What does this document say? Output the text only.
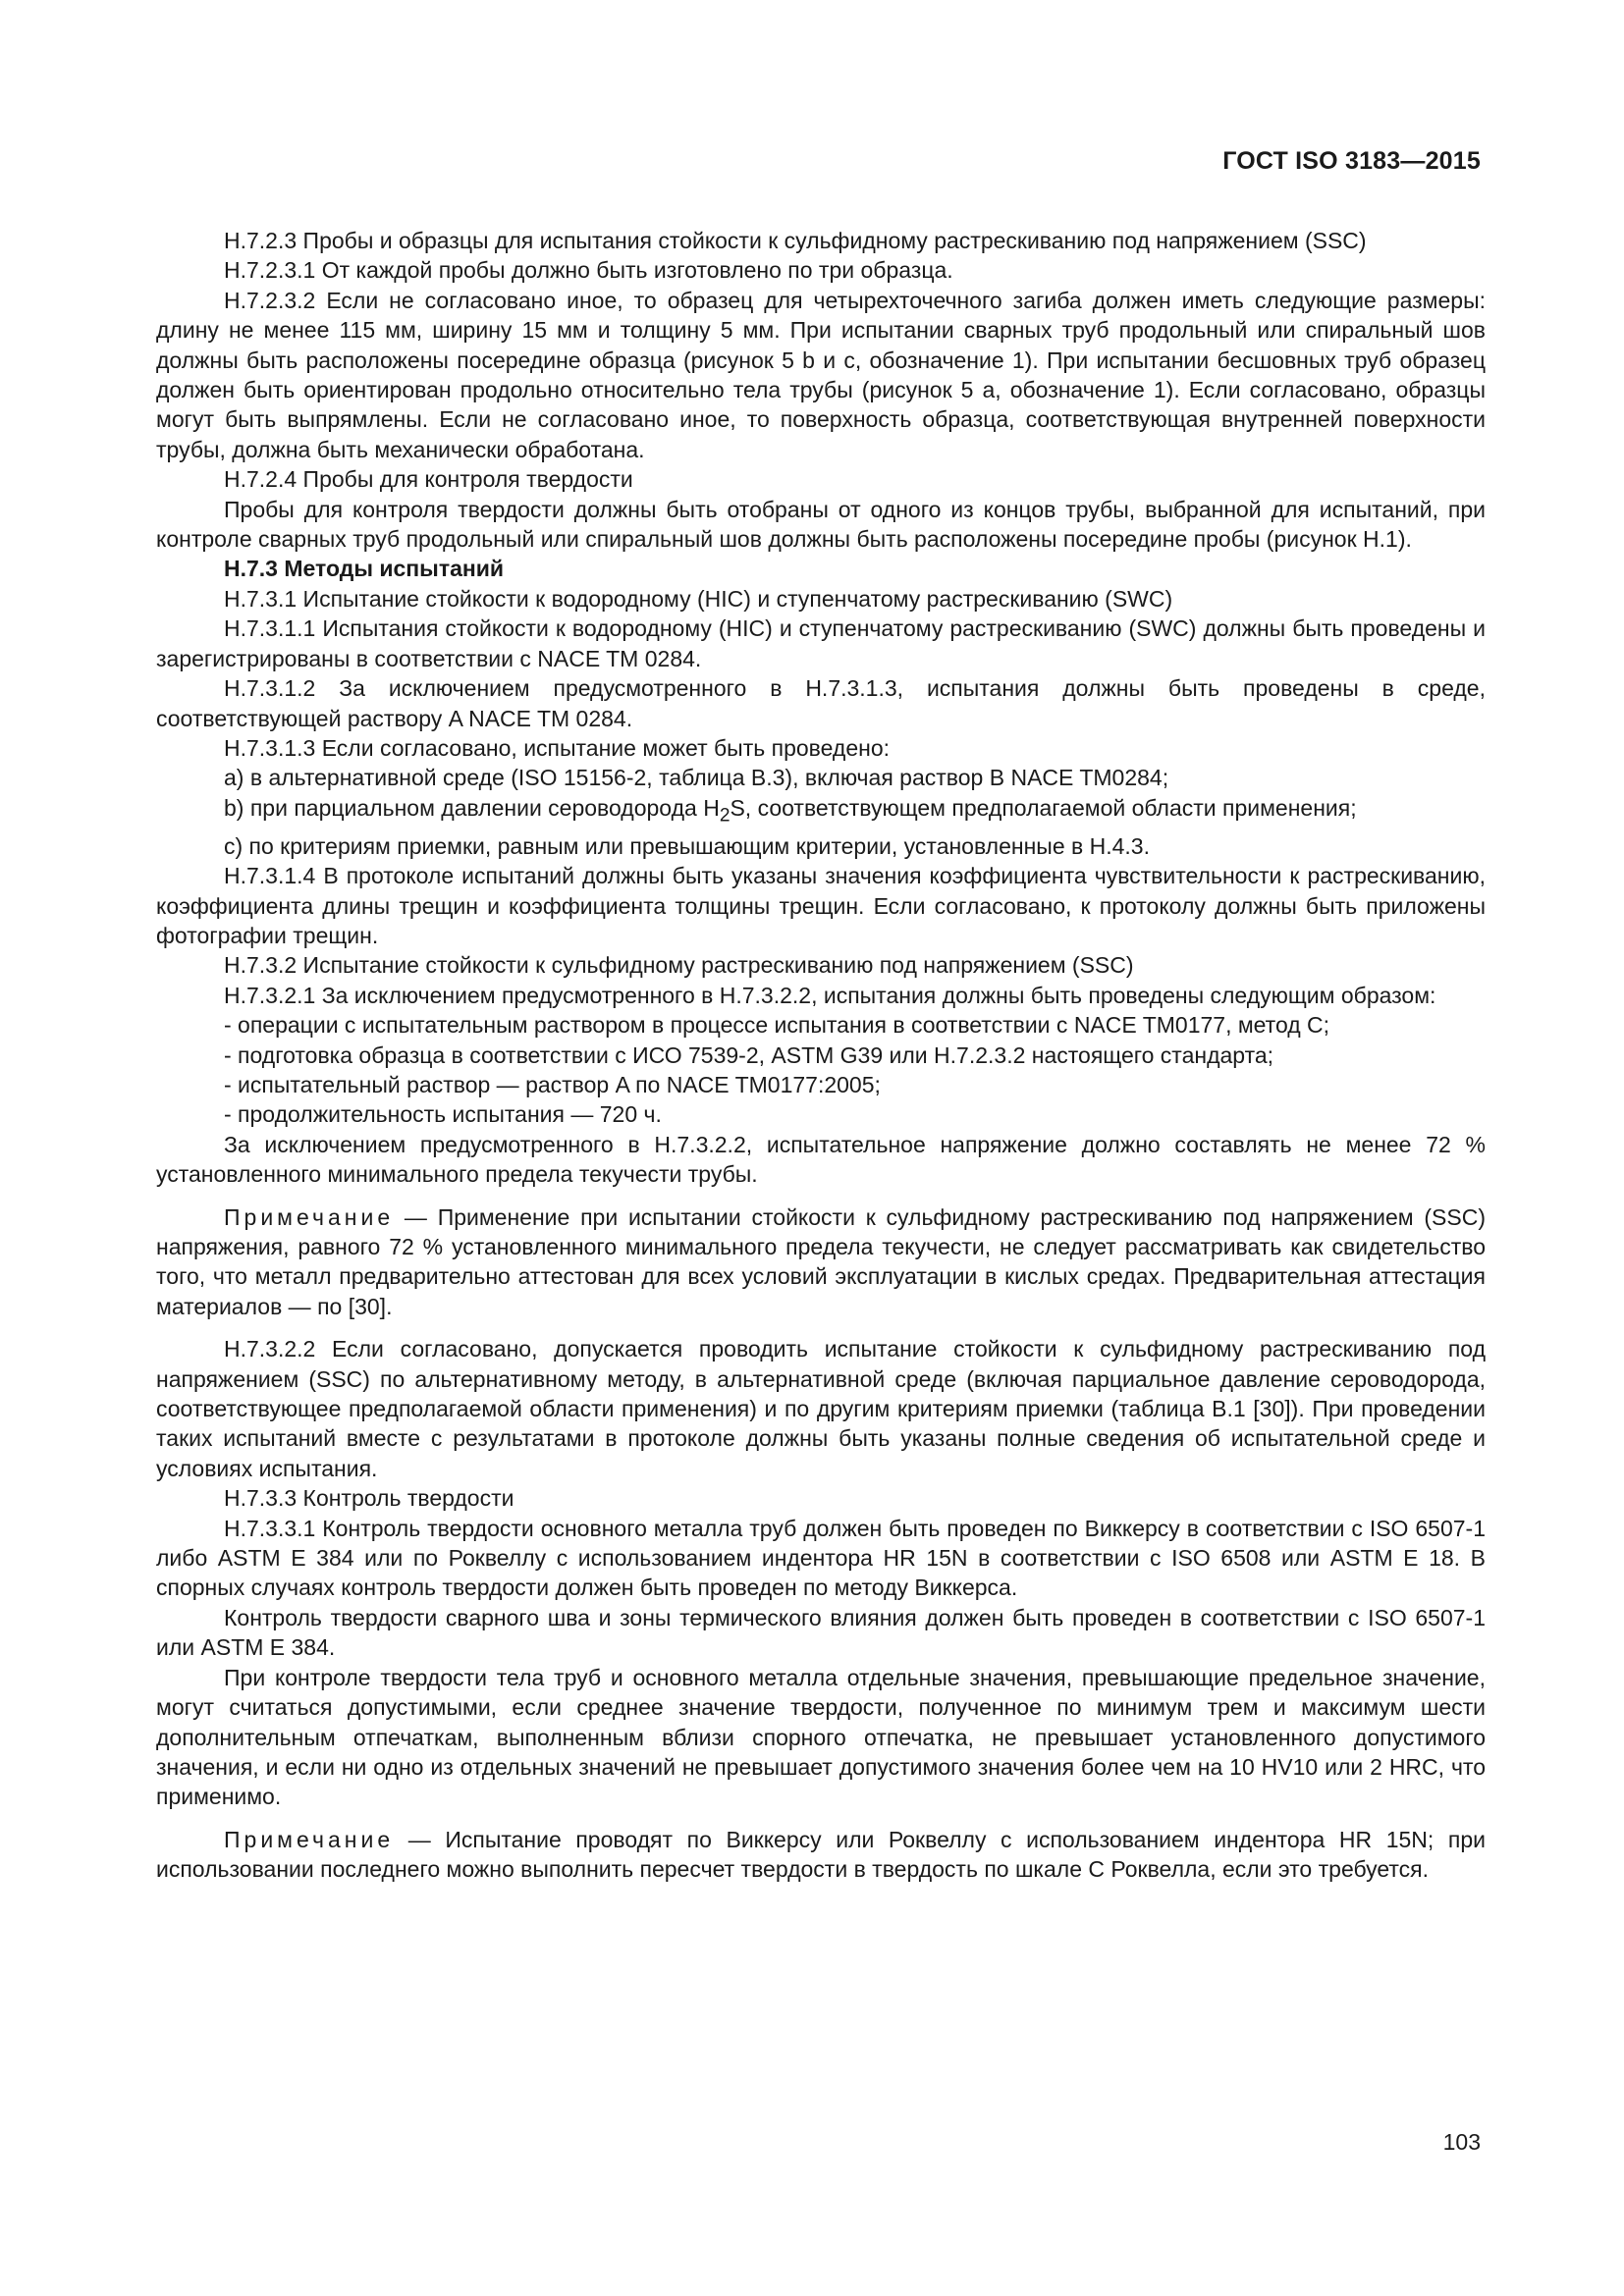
ГОСТ ISO 3183—2015

H.7.2.3 Пробы и образцы для испытания стойкости к сульфидному растрескиванию под напряжением (SSC)

H.7.2.3.1 От каждой пробы должно быть изготовлено по три образца.

H.7.2.3.2 Если не согласовано иное, то образец для четырехточечного загиба должен иметь следующие размеры: длину не менее 115 мм, ширину 15 мм и толщину 5 мм. При испытании сварных труб продольный или спиральный шов должны быть расположены посередине образца (рисунок 5 b и c, обозначение 1). При испытании бесшовных труб образец должен быть ориентирован продольно относительно тела трубы (рисунок 5 a, обозначение 1). Если согласовано, образцы могут быть выпрямлены. Если не согласовано иное, то поверхность образца, соответствующая внутренней поверхности трубы, должна быть механически обработана.

H.7.2.4 Пробы для контроля твердости

Пробы для контроля твердости должны быть отобраны от одного из концов трубы, выбранной для испытаний, при контроле сварных труб продольный или спиральный шов должны быть расположены посередине пробы (рисунок H.1).

H.7.3 Методы испытаний

H.7.3.1 Испытание стойкости к водородному (HIC) и ступенчатому растрескиванию (SWC)

H.7.3.1.1 Испытания стойкости к водородному (HIC) и ступенчатому растрескиванию (SWC) должны быть проведены и зарегистрированы в соответствии с NACE TM 0284.

H.7.3.1.2 За исключением предусмотренного в H.7.3.1.3, испытания должны быть проведены в среде, соответствующей раствору A NACE TM 0284.

H.7.3.1.3 Если согласовано, испытание может быть проведено:

a) в альтернативной среде (ISO 15156-2, таблица B.3), включая раствор B NACE TM0284;

b) при парциальном давлении сероводорода $H_2S$, соответствующем предполагаемой области применения;

c) по критериям приемки, равным или превышающим критерии, установленные в H.4.3.

H.7.3.1.4 В протоколе испытаний должны быть указаны значения коэффициента чувствительности к растрескиванию, коэффициента длины трещин и коэффициента толщины трещин. Если согласовано, к протоколу должны быть приложены фотографии трещин.

H.7.3.2 Испытание стойкости к сульфидному растрескиванию под напряжением (SSC)

H.7.3.2.1 За исключением предусмотренного в H.7.3.2.2, испытания должны быть проведены следующим образом:

- операции с испытательным раствором в процессе испытания в соответствии с NACE TM0177, метод C;

- подготовка образца в соответствии с ИСО 7539-2, ASTM G39 или H.7.2.3.2 настоящего стандарта;

- испытательный раствор — раствор A по NACE TM0177:2005;

- продолжительность испытания — 720 ч.

За исключением предусмотренного в H.7.3.2.2, испытательное напряжение должно составлять не менее 72 % установленного минимального предела текучести трубы.

Примечание — Применение при испытании стойкости к сульфидному растрескиванию под напряжением (SSC) напряжения, равного 72 % установленного минимального предела текучести, не следует рассматривать как свидетельство того, что металл предварительно аттестован для всех условий эксплуатации в кислых средах. Предварительная аттестация материалов — по [30].

H.7.3.2.2 Если согласовано, допускается проводить испытание стойкости к сульфидному растрескиванию под напряжением (SSC) по альтернативному методу, в альтернативной среде (включая парциальное давление сероводорода, соответствующее предполагаемой области применения) и по другим критериям приемки (таблица B.1 [30]). При проведении таких испытаний вместе с результатами в протоколе должны быть указаны полные сведения об испытательной среде и условиях испытания.

H.7.3.3 Контроль твердости

H.7.3.3.1 Контроль твердости основного металла труб должен быть проведен по Виккерсу в соответствии с ISO 6507-1 либо ASTM E 384 или по Роквеллу с использованием индентора HR 15N в соответствии с ISO 6508 или ASTM E 18. В спорных случаях контроль твердости должен быть проведен по методу Виккерса.

Контроль твердости сварного шва и зоны термического влияния должен быть проведен в соответствии с ISO 6507-1 или ASTM E 384.

При контроле твердости тела труб и основного металла отдельные значения, превышающие предельное значение, могут считаться допустимыми, если среднее значение твердости, полученное по минимум трем и максимум шести дополнительным отпечаткам, выполненным вблизи спорного отпечатка, не превышает установленного допустимого значения, и если ни одно из отдельных значений не превышает допустимого значения более чем на 10 HV10 или 2 HRC, что применимо.

Примечание — Испытание проводят по Виккерсу или Роквеллу с использованием индентора HR 15N; при использовании последнего можно выполнить пересчет твердости в твердость по шкале C Роквелла, если это требуется.

103
